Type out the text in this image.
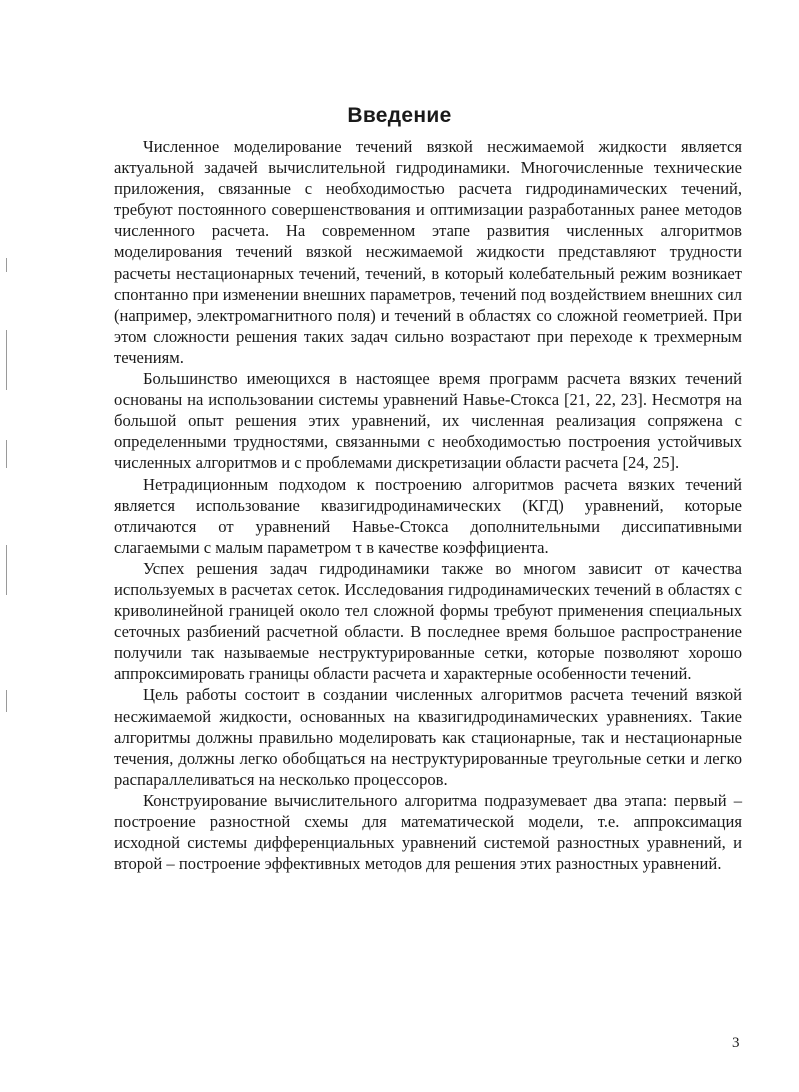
Введение

Численное моделирование течений вязкой несжимаемой жидкости является актуальной задачей вычислительной гидродинамики. Многочисленные технические приложения, связанные с необходимостью расчета гидродинамических течений, требуют постоянного совершенствования и оптимизации разработанных ранее методов численного расчета. На современном этапе развития численных алгоритмов моделирования течений вязкой несжимаемой жидкости представляют трудности расчеты нестационарных течений, течений, в который колебательный режим возникает спонтанно при изменении внешних параметров, течений под воздействием внешних сил (например, электромагнитного поля) и течений в областях со сложной геометрией. При этом сложности решения таких задач сильно возрастают при переходе к трехмерным течениям.

Большинство имеющихся в настоящее время программ расчета вязких течений основаны на использовании системы уравнений Навье-Стокса [21, 22, 23]. Несмотря на большой опыт решения этих уравнений, их численная реализация сопряжена с определенными трудностями, связанными с необходимостью построения устойчивых численных алгоритмов и с проблемами дискретизации области расчета [24, 25].

Нетрадиционным подходом к построению алгоритмов расчета вязких течений является использование квазигидродинамических (КГД) уравнений, которые отличаются от уравнений Навье-Стокса дополнительными диссипативными слагаемыми с малым параметром τ в качестве коэффициента.

Успех решения задач гидродинамики также во многом зависит от качества используемых в расчетах сеток. Исследования гидродинамических течений в областях с криволинейной границей около тел сложной формы требуют применения специальных сеточных разбиений расчетной области. В последнее время большое распространение получили так называемые неструктурированные сетки, которые позволяют хорошо аппроксимировать границы области расчета и характерные особенности течений.

Цель работы состоит в создании численных алгоритмов расчета течений вязкой несжимаемой жидкости, основанных на квазигидродинамических уравнениях. Такие алгоритмы должны правильно моделировать как стационарные, так и нестационарные течения, должны легко обобщаться на неструктурированные треугольные сетки и легко распараллеливаться на несколько процессоров.

Конструирование вычислительного алгоритма подразумевает два этапа: первый – построение разностной схемы для математической модели, т.е. аппроксимация исходной системы дифференциальных уравнений системой разностных уравнений, и второй – построение эффективных методов для решения этих разностных уравнений.

3
